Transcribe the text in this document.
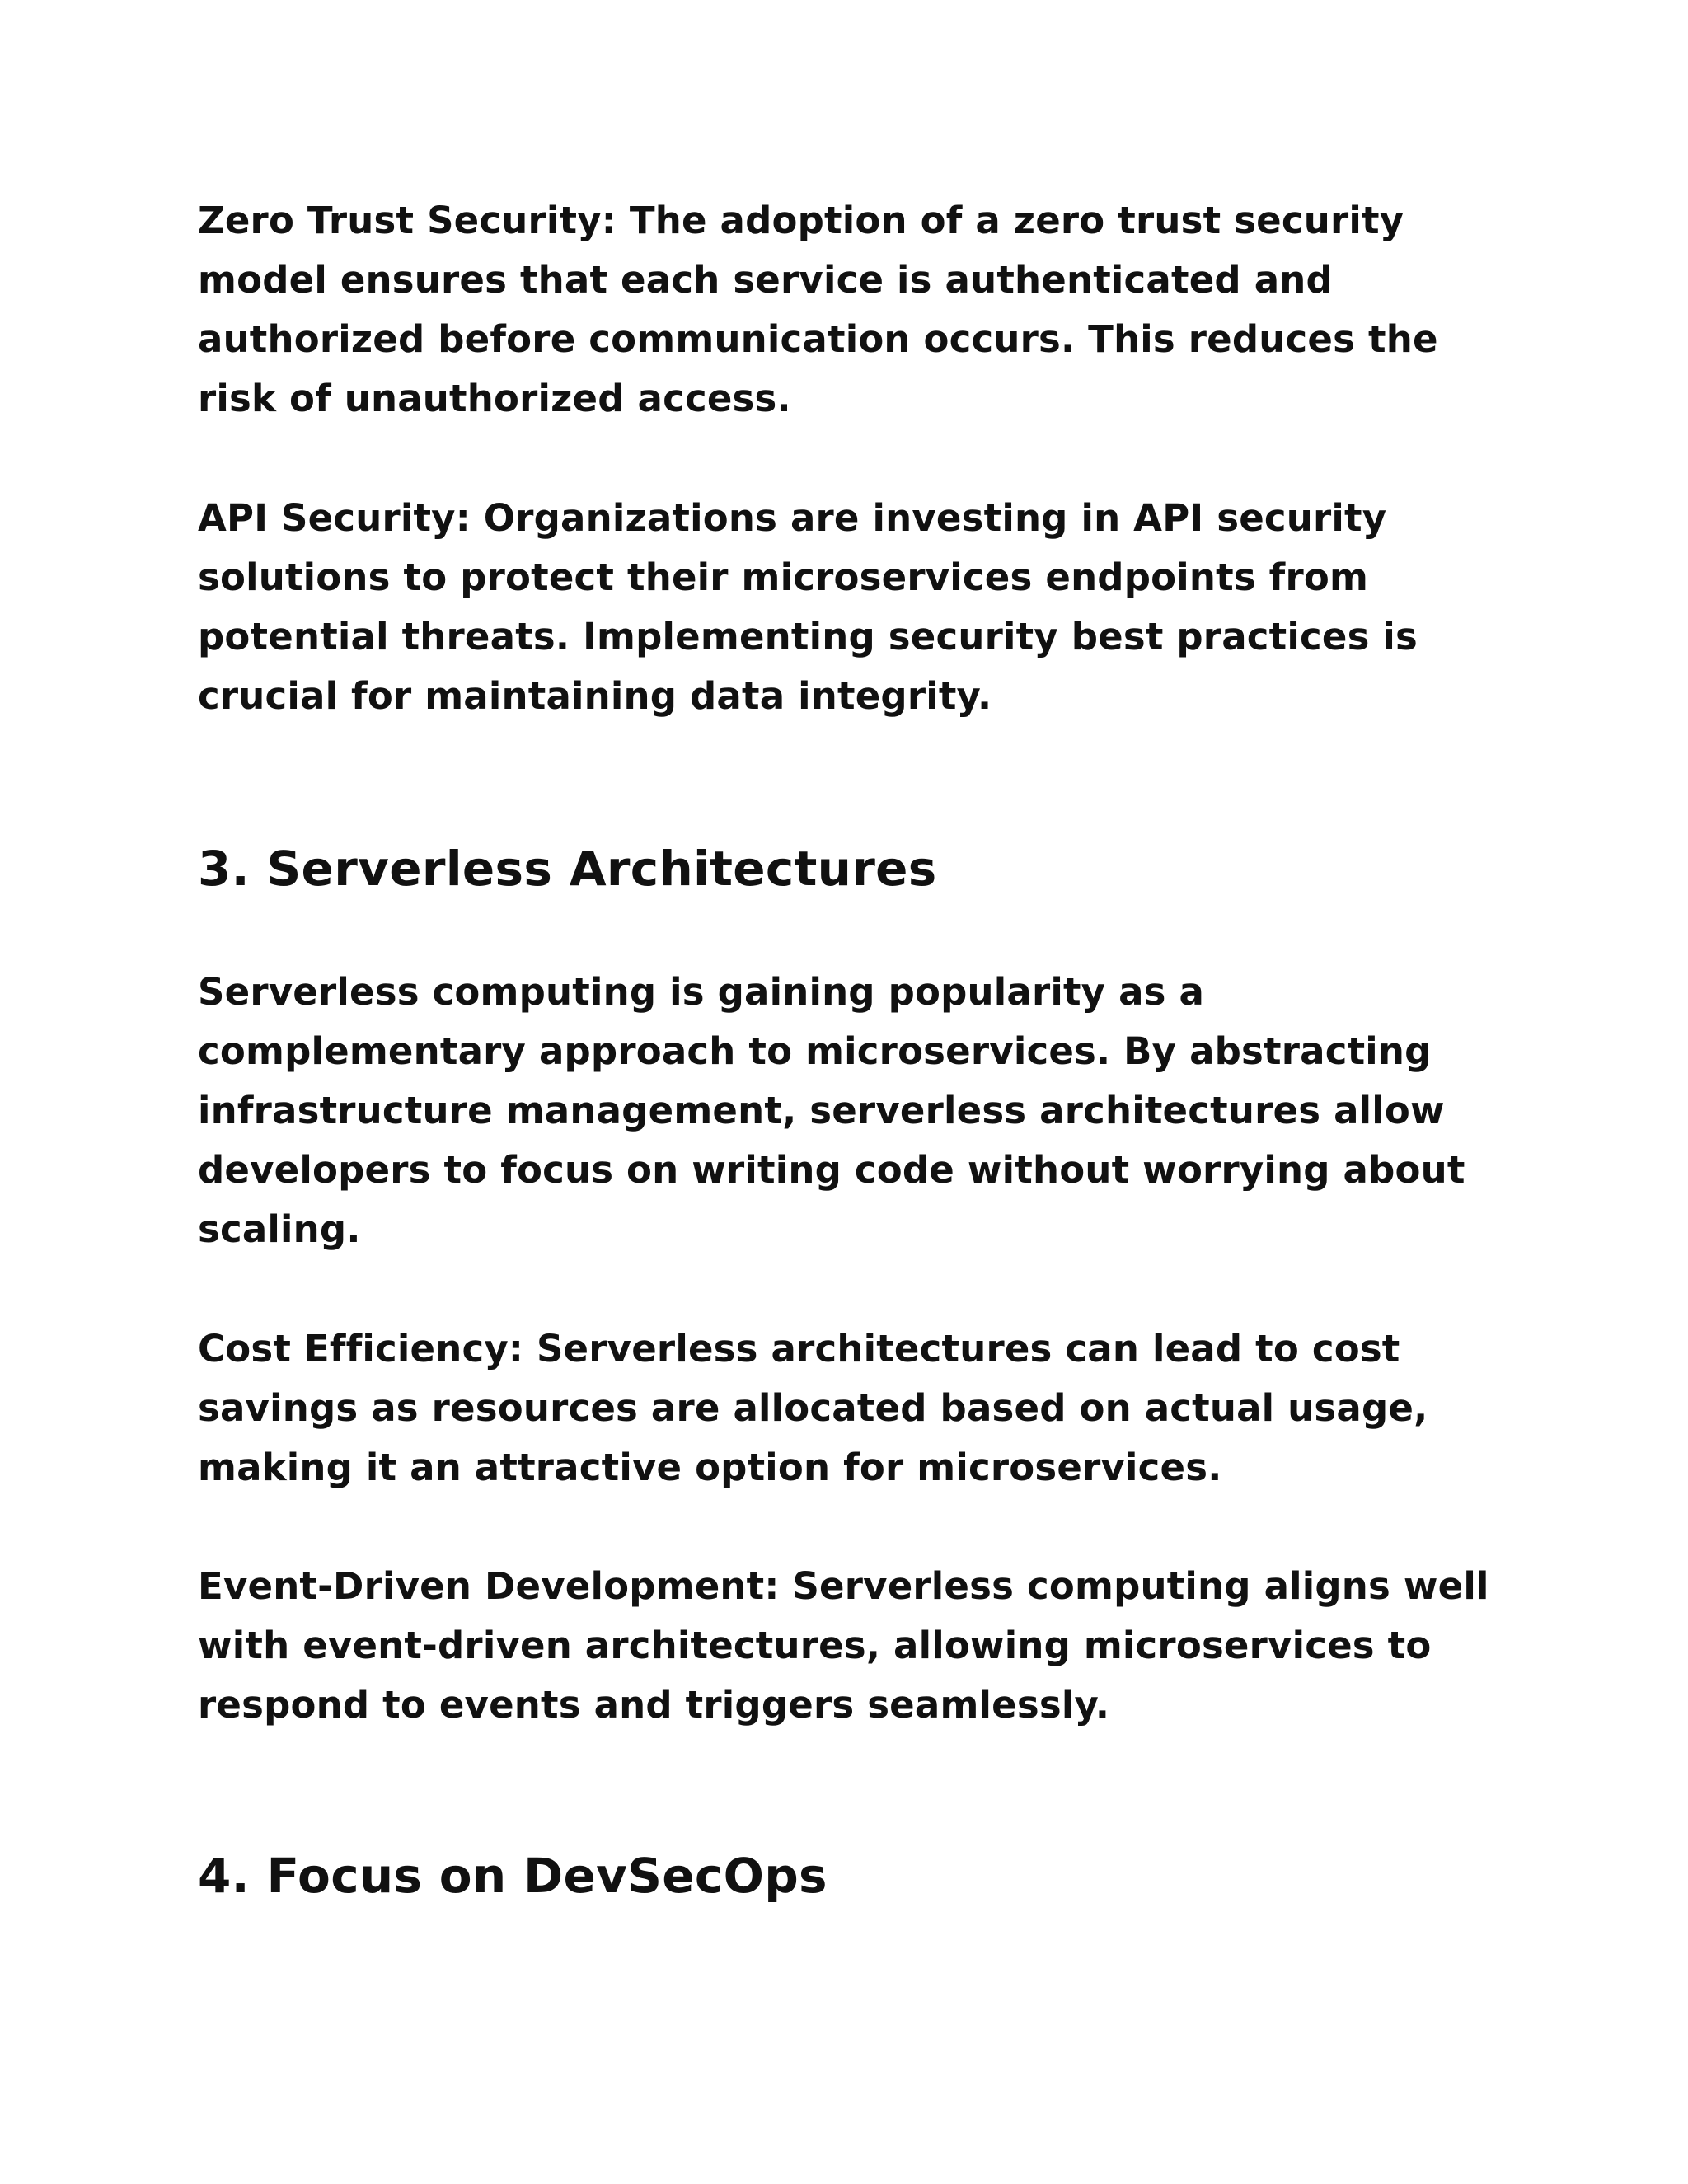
Zero Trust Security: The adoption of a zero trust security
model ensures that each service is authenticated and
authorized before communication occurs. This reduces the
risk of unauthorized access.

API Security: Organizations are investing in API security
solutions to protect their microservices endpoints from
potential threats. Implementing security best practices is
crucial for maintaining data integrity.

3. Serverless Architectures

Serverless computing is gaining popularity as a
complementary approach to microservices. By abstracting
infrastructure management, serverless architectures allow
developers to focus on writing code without worrying about
scaling.

Cost Efficiency: Serverless architectures can lead to cost
savings as resources are allocated based on actual usage,
making it an attractive option for microservices.

Event-Driven Development: Serverless computing aligns well
with event-driven architectures, allowing microservices to
respond to events and triggers seamlessly.

4. Focus on DevSecOps
